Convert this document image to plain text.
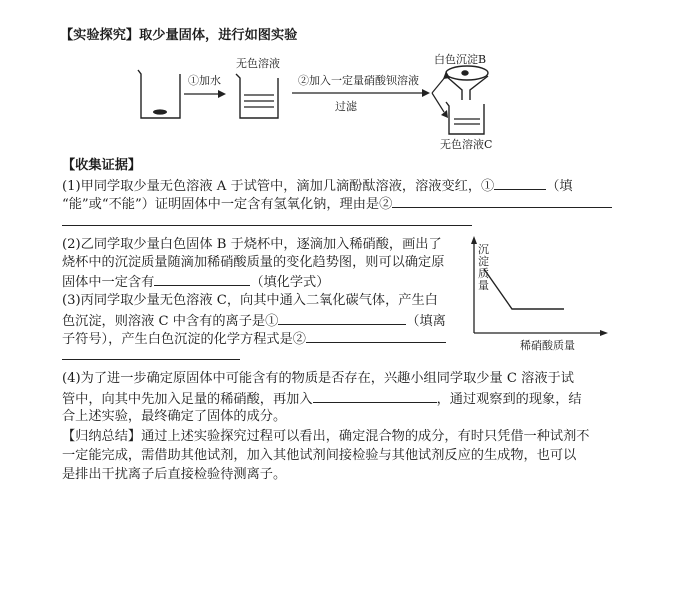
【实验探究】取少量固体，进行如图实验
①加水
无色溶液
②加入一定量硝酸钡溶液
过滤
白色沉淀B
无色溶液C
【收集证据】
(1)甲同学取少量无色溶液 A 于试管中，滴加几滴酚酞溶液，溶液变红，①	（填
“能”或“不能”）证明固体中一定含有氢氧化钠，理由是②
(2)乙同学取少量白色固体 B 于烧杯中，逐滴加入稀硝酸，画出了
烧杯中的沉淀质量随滴加稀硝酸质量的变化趋势图，则可以确定原
固体中一定含有	（填化学式）
(3)丙同学取少量无色溶液 C，向其中通入二氧化碳气体，产生白
色沉淀，则溶液 C 中含有的离子是①	（填离
子符号），产生白色沉淀的化学方程式是②
沉淀质量
稀硝酸质量
(4)为了进一步确定原固体中可能含有的物质是否存在，兴趣小组同学取少量 C 溶液于试
管中，向其中先加入足量的稀硝酸，再加入	，通过观察到的现象，结
合上述实验，最终确定了固体的成分。
【归纳总结】通过上述实验探究过程可以看出，确定混合物的成分，有时只凭借一种试剂不
一定能完成，需借助其他试剂，加入其他试剂间接检验与其他试剂反应的生成物，也可以
是排出干扰离子后直接检验待测离子。
